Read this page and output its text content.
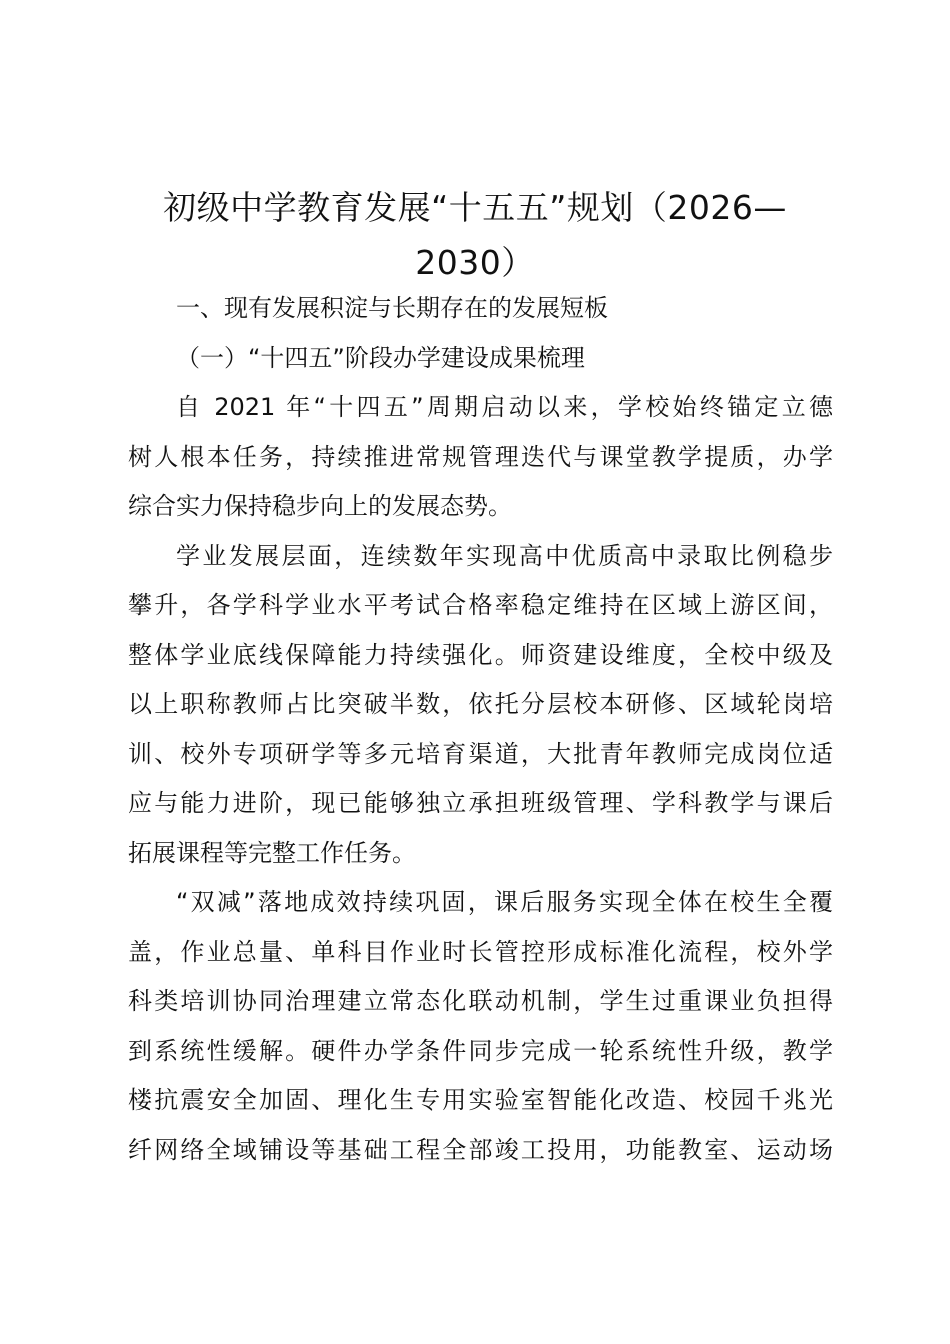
初级中学教育发展“十五五”规划（2026—
2030）

一、现有发展积淀与长期存在的发展短板

（一）“十四五”阶段办学建设成果梳理

自 2021 年“十四五”周期启动以来，学校始终锚定立德
树人根本任务，持续推进常规管理迭代与课堂教学提质，办学
综合实力保持稳步向上的发展态势。

学业发展层面，连续数年实现高中优质高中录取比例稳步
攀升，各学科学业水平考试合格率稳定维持在区域上游区间，
整体学业底线保障能力持续强化。师资建设维度，全校中级及
以上职称教师占比突破半数，依托分层校本研修、区域轮岗培
训、校外专项研学等多元培育渠道，大批青年教师完成岗位适
应与能力进阶，现已能够独立承担班级管理、学科教学与课后
拓展课程等完整工作任务。

“双减”落地成效持续巩固，课后服务实现全体在校生全覆
盖，作业总量、单科目作业时长管控形成标准化流程，校外学
科类培训协同治理建立常态化联动机制，学生过重课业负担得
到系统性缓解。硬件办学条件同步完成一轮系统性升级，教学
楼抗震安全加固、理化生专用实验室智能化改造、校园千兆光
纤网络全域铺设等基础工程全部竣工投用，功能教室、运动场
